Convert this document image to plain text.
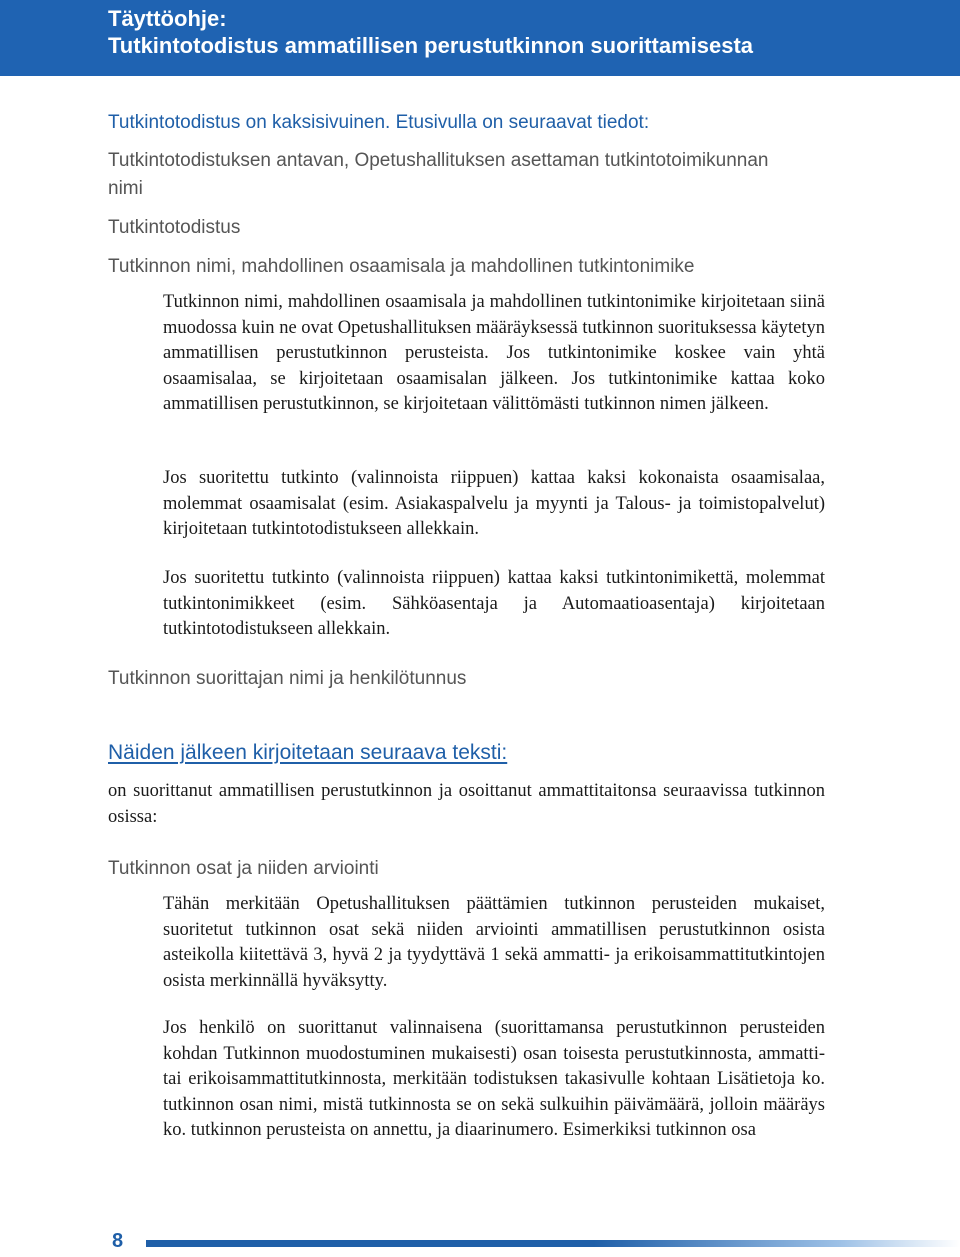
Täyttöohje:
Tutkintotodistus ammatillisen perustutkinnon suorittamisesta

Tutkintotodistus on kaksisivuinen. Etusivulla on seuraavat tiedot:

Tutkintotodistuksen antavan, Opetushallituksen asettaman tutkintotoimikunnan

nimi

Tutkintotodistus

Tutkinnon nimi, mahdollinen osaamisala ja mahdollinen tutkintonimike

Tutkinnon nimi, mahdollinen osaamisala ja mahdollinen tutkintonimike kirjoitetaan siinä muodossa kuin ne ovat Opetushallituksen määräyksessä tutkinnon suorituksessa käytetyn ammatillisen perustutkinnon perusteista. Jos tutkintonimike koskee vain yhtä osaamisalaa, se kirjoitetaan osaamisalan jälkeen. Jos tutkintonimike kattaa koko ammatillisen perustutkinnon, se kirjoitetaan välittömästi tutkinnon nimen jälkeen.

Jos suoritettu tutkinto (valinnoista riippuen) kattaa kaksi kokonaista osaamisalaa, molemmat osaamisalat (esim. Asiakaspalvelu ja myynti ja Talous- ja toimistopalvelut) kirjoitetaan tutkintotodistukseen allekkain.

Jos suoritettu tutkinto (valinnoista riippuen) kattaa kaksi tutkintonimikettä, molemmat tutkintonimikkeet (esim. Sähköasentaja ja Automaatioasentaja) kirjoitetaan tutkintotodistukseen allekkain.

Tutkinnon suorittajan nimi ja henkilötunnus

Näiden jälkeen kirjoitetaan seuraava teksti:

on suorittanut ammatillisen perustutkinnon ja osoittanut ammattitaitonsa seuraavissa tutkinnon osissa:

Tutkinnon osat ja niiden arviointi

Tähän merkitään Opetushallituksen päättämien tutkinnon perusteiden mukaiset, suoritetut tutkinnon osat sekä niiden arviointi ammatillisen perustutkinnon osista asteikolla kiitettävä 3, hyvä 2 ja tyydyttävä 1 sekä ammatti- ja erikoisammattitutkintojen osista merkinnällä hyväksytty.

Jos henkilö on suorittanut valinnaisena (suorittamansa perustutkinnon perusteiden kohdan Tutkinnon muodostuminen mukaisesti) osan toisesta perustutkinnosta, ammatti- tai erikoisammattitutkinnosta, merkitään todistuksen takasivulle kohtaan Lisätietoja ko. tutkinnon osan nimi, mistä tutkinnosta se on sekä sulkuihin päivämäärä, jolloin määräys ko. tutkinnon perusteista on annettu, ja diaarinumero. Esimerkiksi tutkinnon osa

8
